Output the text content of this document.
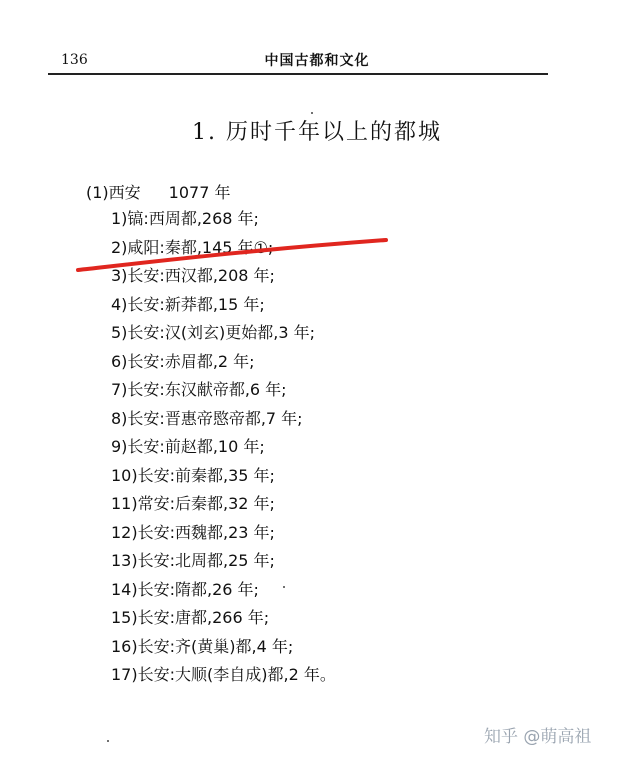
136	中国古都和文化
1. 历时千年以上的都城
(1)西安 1077 年
1)镐:西周都,268 年;
2)咸阳:秦都,145 年①;
3)长安:西汉都,208 年;
4)长安:新莽都,15 年;
5)长安:汉(刘玄)更始都,3 年;
6)长安:赤眉都,2 年;
7)长安:东汉献帝都,6 年;
8)长安:晋惠帝愍帝都,7 年;
9)长安:前赵都,10 年;
10)长安:前秦都,35 年;
11)常安:后秦都,32 年;
12)长安:西魏都,23 年;
13)长安:北周都,25 年;
14)长安:隋都,26 年;
15)长安:唐都,266 年;
16)长安:齐(黄巢)都,4 年;
17)长安:大顺(李自成)都,2 年。
知乎 @萌高祖
